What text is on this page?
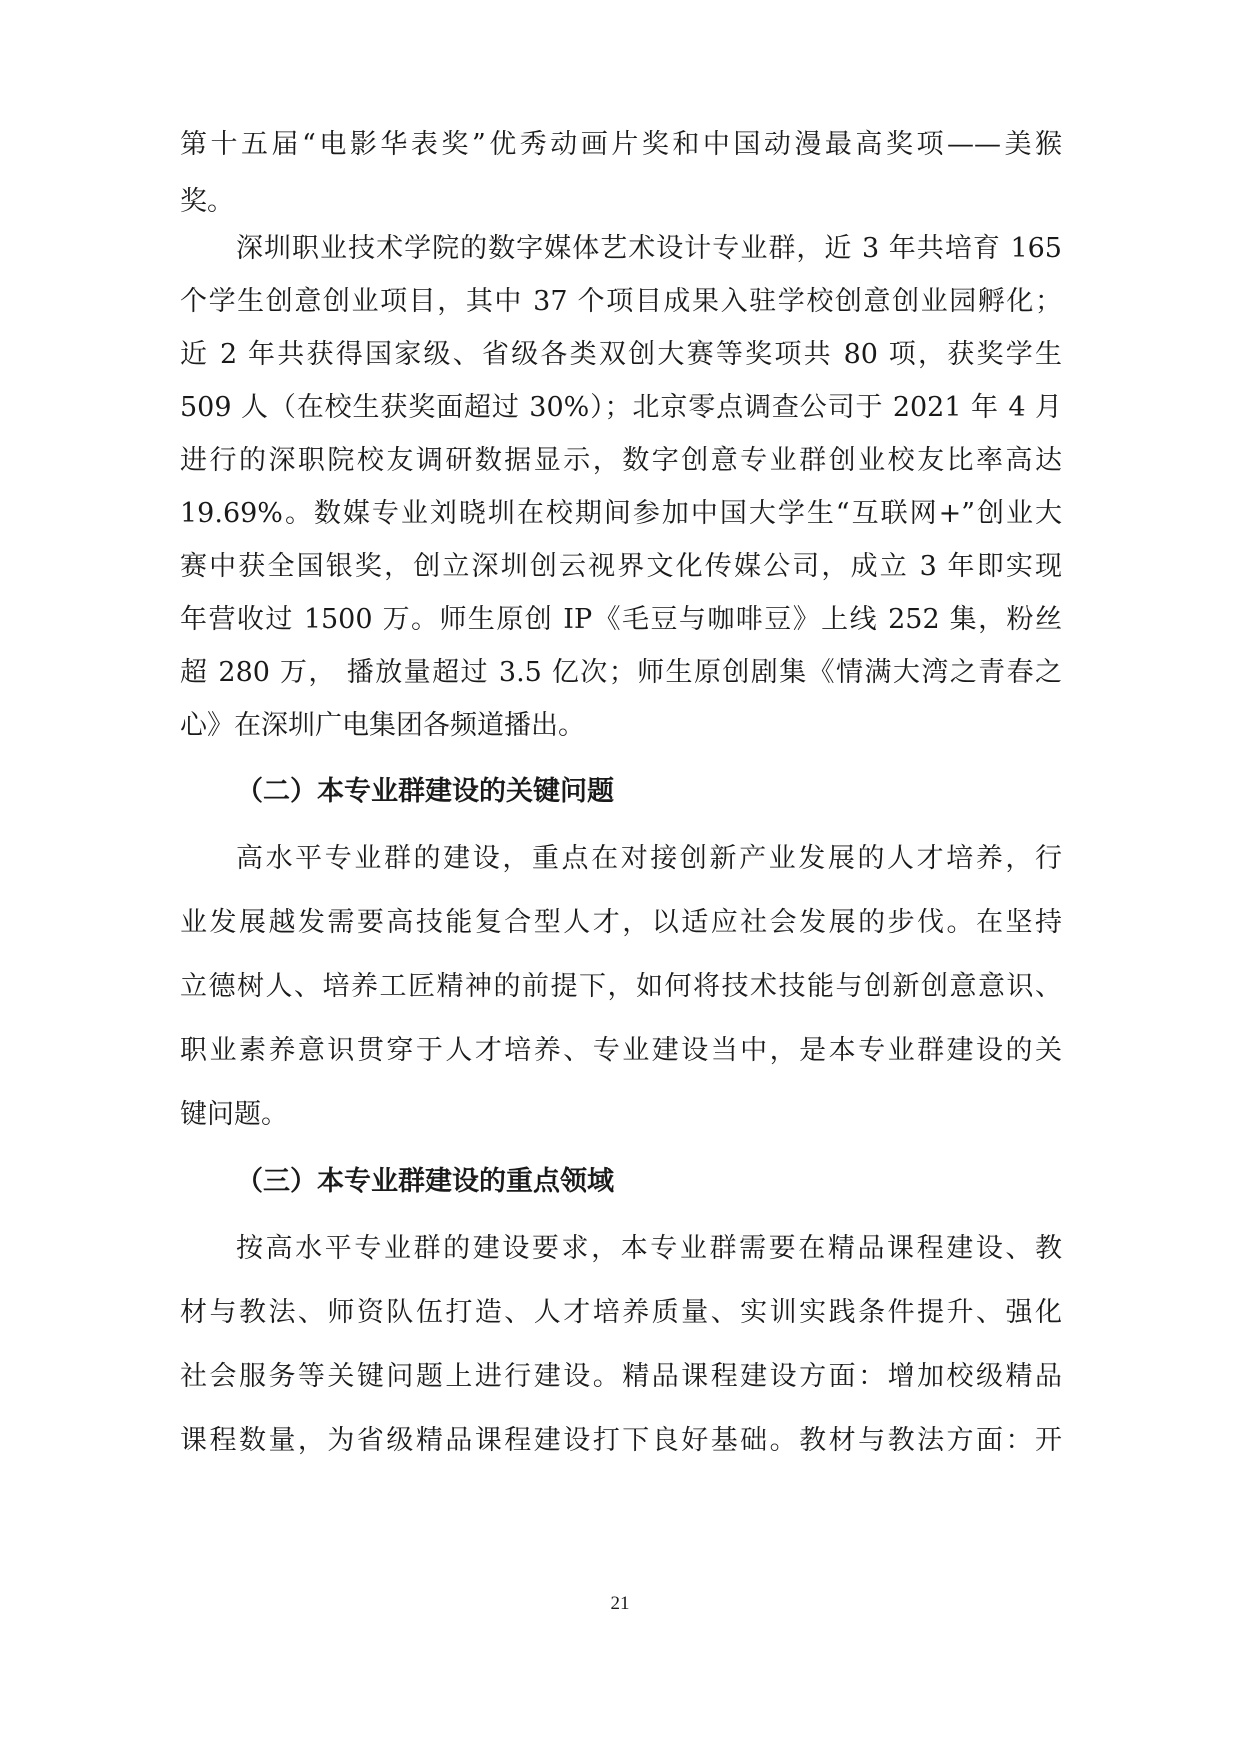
第十五届“电影华表奖”优秀动画片奖和中国动漫最高奖项——美猴
奖。
深圳职业技术学院的数字媒体艺术设计专业群，近 3 年共培育 165
个学生创意创业项目，其中 37 个项目成果入驻学校创意创业园孵化；
近 2 年共获得国家级、省级各类双创大赛等奖项共 80 项，获奖学生
509 人（在校生获奖面超过 30%）；北京零点调查公司于 2021 年 4 月
进行的深职院校友调研数据显示，数字创意专业群创业校友比率高达
19.69%。数媒专业刘晓圳在校期间参加中国大学生“互联网+”创业大
赛中获全国银奖，创立深圳创云视界文化传媒公司，成立 3 年即实现
年营收过 1500 万。师生原创 IP《毛豆与咖啡豆》上线 252 集，粉丝
超 280 万， 播放量超过 3.5 亿次；师生原创剧集《情满大湾之青春之
心》在深圳广电集团各频道播出。
（二）本专业群建设的关键问题
高水平专业群的建设，重点在对接创新产业发展的人才培养，行
业发展越发需要高技能复合型人才，以适应社会发展的步伐。在坚持
立德树人、培养工匠精神的前提下，如何将技术技能与创新创意意识、
职业素养意识贯穿于人才培养、专业建设当中，是本专业群建设的关
键问题。
（三）本专业群建设的重点领域
按高水平专业群的建设要求，本专业群需要在精品课程建设、教
材与教法、师资队伍打造、人才培养质量、实训实践条件提升、强化
社会服务等关键问题上进行建设。精品课程建设方面：增加校级精品
课程数量，为省级精品课程建设打下良好基础。教材与教法方面：开
21
